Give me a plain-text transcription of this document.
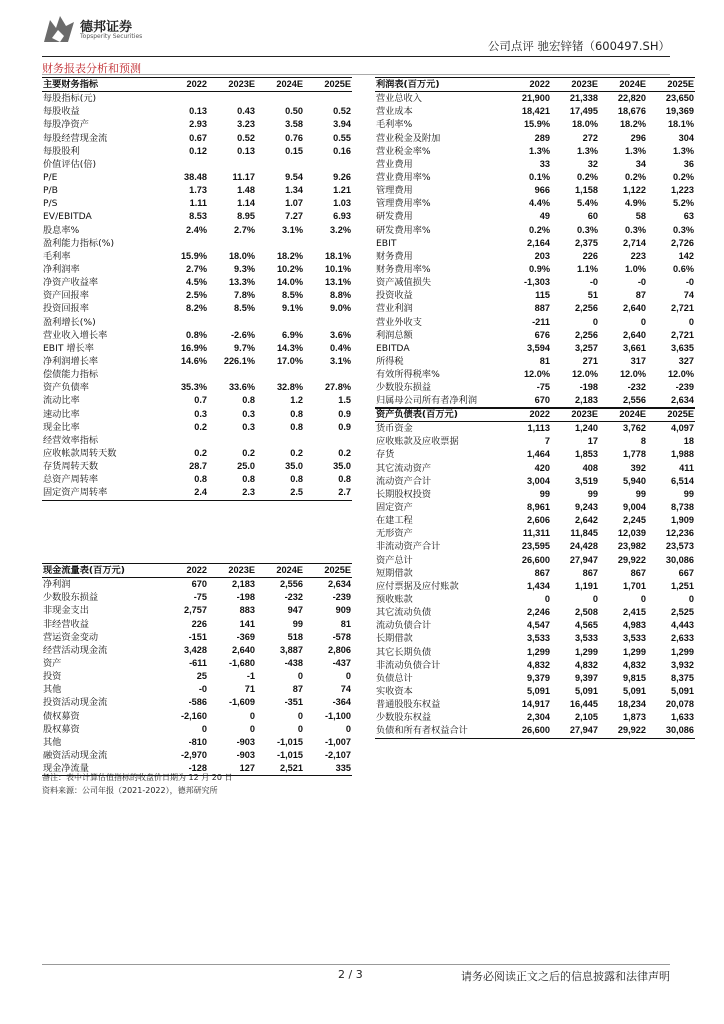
德邦证券
Topsperity Securities
公司点评 驰宏锌锗（600497.SH）
财务报表分析和预测
主要财务指标	2022	2023E	2024E	2025E
每股指标(元)				
每股收益	0.13	0.43	0.50	0.52
每股净资产	2.93	3.23	3.58	3.94
每股经营现金流	0.67	0.52	0.76	0.55
每股股利	0.12	0.13	0.15	0.16
价值评估(倍)				
P/E	38.48	11.17	9.54	9.26
P/B	1.73	1.48	1.34	1.21
P/S	1.11	1.14	1.07	1.03
EV/EBITDA	8.53	8.95	7.27	6.93
股息率%	2.4%	2.7%	3.1%	3.2%
盈利能力指标(%)				
毛利率	15.9%	18.0%	18.2%	18.1%
净利润率	2.7%	9.3%	10.2%	10.1%
净资产收益率	4.5%	13.3%	14.0%	13.1%
资产回报率	2.5%	7.8%	8.5%	8.8%
投资回报率	8.2%	8.5%	9.1%	9.0%
盈利增长(%)				
营业收入增长率	0.8%	-2.6%	6.9%	3.6%
EBIT 增长率	16.9%	9.7%	14.3%	0.4%
净利润增长率	14.6%	226.1%	17.0%	3.1%
偿债能力指标				
资产负债率	35.3%	33.6%	32.8%	27.8%
流动比率	0.7	0.8	1.2	1.5
速动比率	0.3	0.3	0.8	0.9
现金比率	0.2	0.3	0.8	0.9
经营效率指标				
应收帐款周转天数	0.2	0.2	0.2	0.2
存货周转天数	28.7	25.0	35.0	35.0
总资产周转率	0.8	0.8	0.8	0.8
固定资产周转率	2.4	2.3	2.5	2.7
利润表(百万元)	2022	2023E	2024E	2025E
营业总收入	21,900	21,338	22,820	23,650
营业成本	18,421	17,495	18,676	19,369
毛利率%	15.9%	18.0%	18.2%	18.1%
营业税金及附加	289	272	296	304
营业税金率%	1.3%	1.3%	1.3%	1.3%
营业费用	33	32	34	36
营业费用率%	0.1%	0.2%	0.2%	0.2%
管理费用	966	1,158	1,122	1,223
管理费用率%	4.4%	5.4%	4.9%	5.2%
研发费用	49	60	58	63
研发费用率%	0.2%	0.3%	0.3%	0.3%
EBIT	2,164	2,375	2,714	2,726
财务费用	203	226	223	142
财务费用率%	0.9%	1.1%	1.0%	0.6%
资产减值损失	-1,303	-0	-0	-0
投资收益	115	51	87	74
营业利润	887	2,256	2,640	2,721
营业外收支	-211	0	0	0
利润总额	676	2,256	2,640	2,721
EBITDA	3,594	3,257	3,661	3,635
所得税	81	271	317	327
有效所得税率%	12.0%	12.0%	12.0%	12.0%
少数股东损益	-75	-198	-232	-239
归属母公司所有者净利润	670	2,183	2,556	2,634
资产负债表(百万元)	2022	2023E	2024E	2025E
货币资金	1,113	1,240	3,762	4,097
应收账款及应收票据	7	17	8	18
存货	1,464	1,853	1,778	1,988
其它流动资产	420	408	392	411
流动资产合计	3,004	3,519	5,940	6,514
长期股权投资	99	99	99	99
固定资产	8,961	9,243	9,004	8,738
在建工程	2,606	2,642	2,245	1,909
无形资产	11,311	11,845	12,039	12,236
非流动资产合计	23,595	24,428	23,982	23,573
资产总计	26,600	27,947	29,922	30,086
短期借款	867	867	867	667
应付票据及应付账款	1,434	1,191	1,701	1,251
预收账款	0	0	0	0
其它流动负债	2,246	2,508	2,415	2,525
流动负债合计	4,547	4,565	4,983	4,443
长期借款	3,533	3,533	3,533	2,633
其它长期负债	1,299	1,299	1,299	1,299
非流动负债合计	4,832	4,832	4,832	3,932
负债总计	9,379	9,397	9,815	8,375
实收资本	5,091	5,091	5,091	5,091
普通股股东权益	14,917	16,445	18,234	20,078
少数股东权益	2,304	2,105	1,873	1,633
负债和所有者权益合计	26,600	27,947	29,922	30,086
现金流量表(百万元)	2022	2023E	2024E	2025E
净利润	670	2,183	2,556	2,634
少数股东损益	-75	-198	-232	-239
非现金支出	2,757	883	947	909
非经营收益	226	141	99	81
营运资金变动	-151	-369	518	-578
经营活动现金流	3,428	2,640	3,887	2,806
资产	-611	-1,680	-438	-437
投资	25	-1	0	0
其他	-0	71	87	74
投资活动现金流	-586	-1,609	-351	-364
债权募资	-2,160	0	0	-1,100
股权募资	0	0	0	0
其他	-810	-903	-1,015	-1,007
融资活动现金流	-2,970	-903	-1,015	-2,107
现金净流量	-128	127	2,521	335
备注：表中计算估值指标的收盘价日期为 12 月 20 日
资料来源：公司年报（2021-2022），德邦研究所
2 / 3	请务必阅读正文之后的信息披露和法律声明
